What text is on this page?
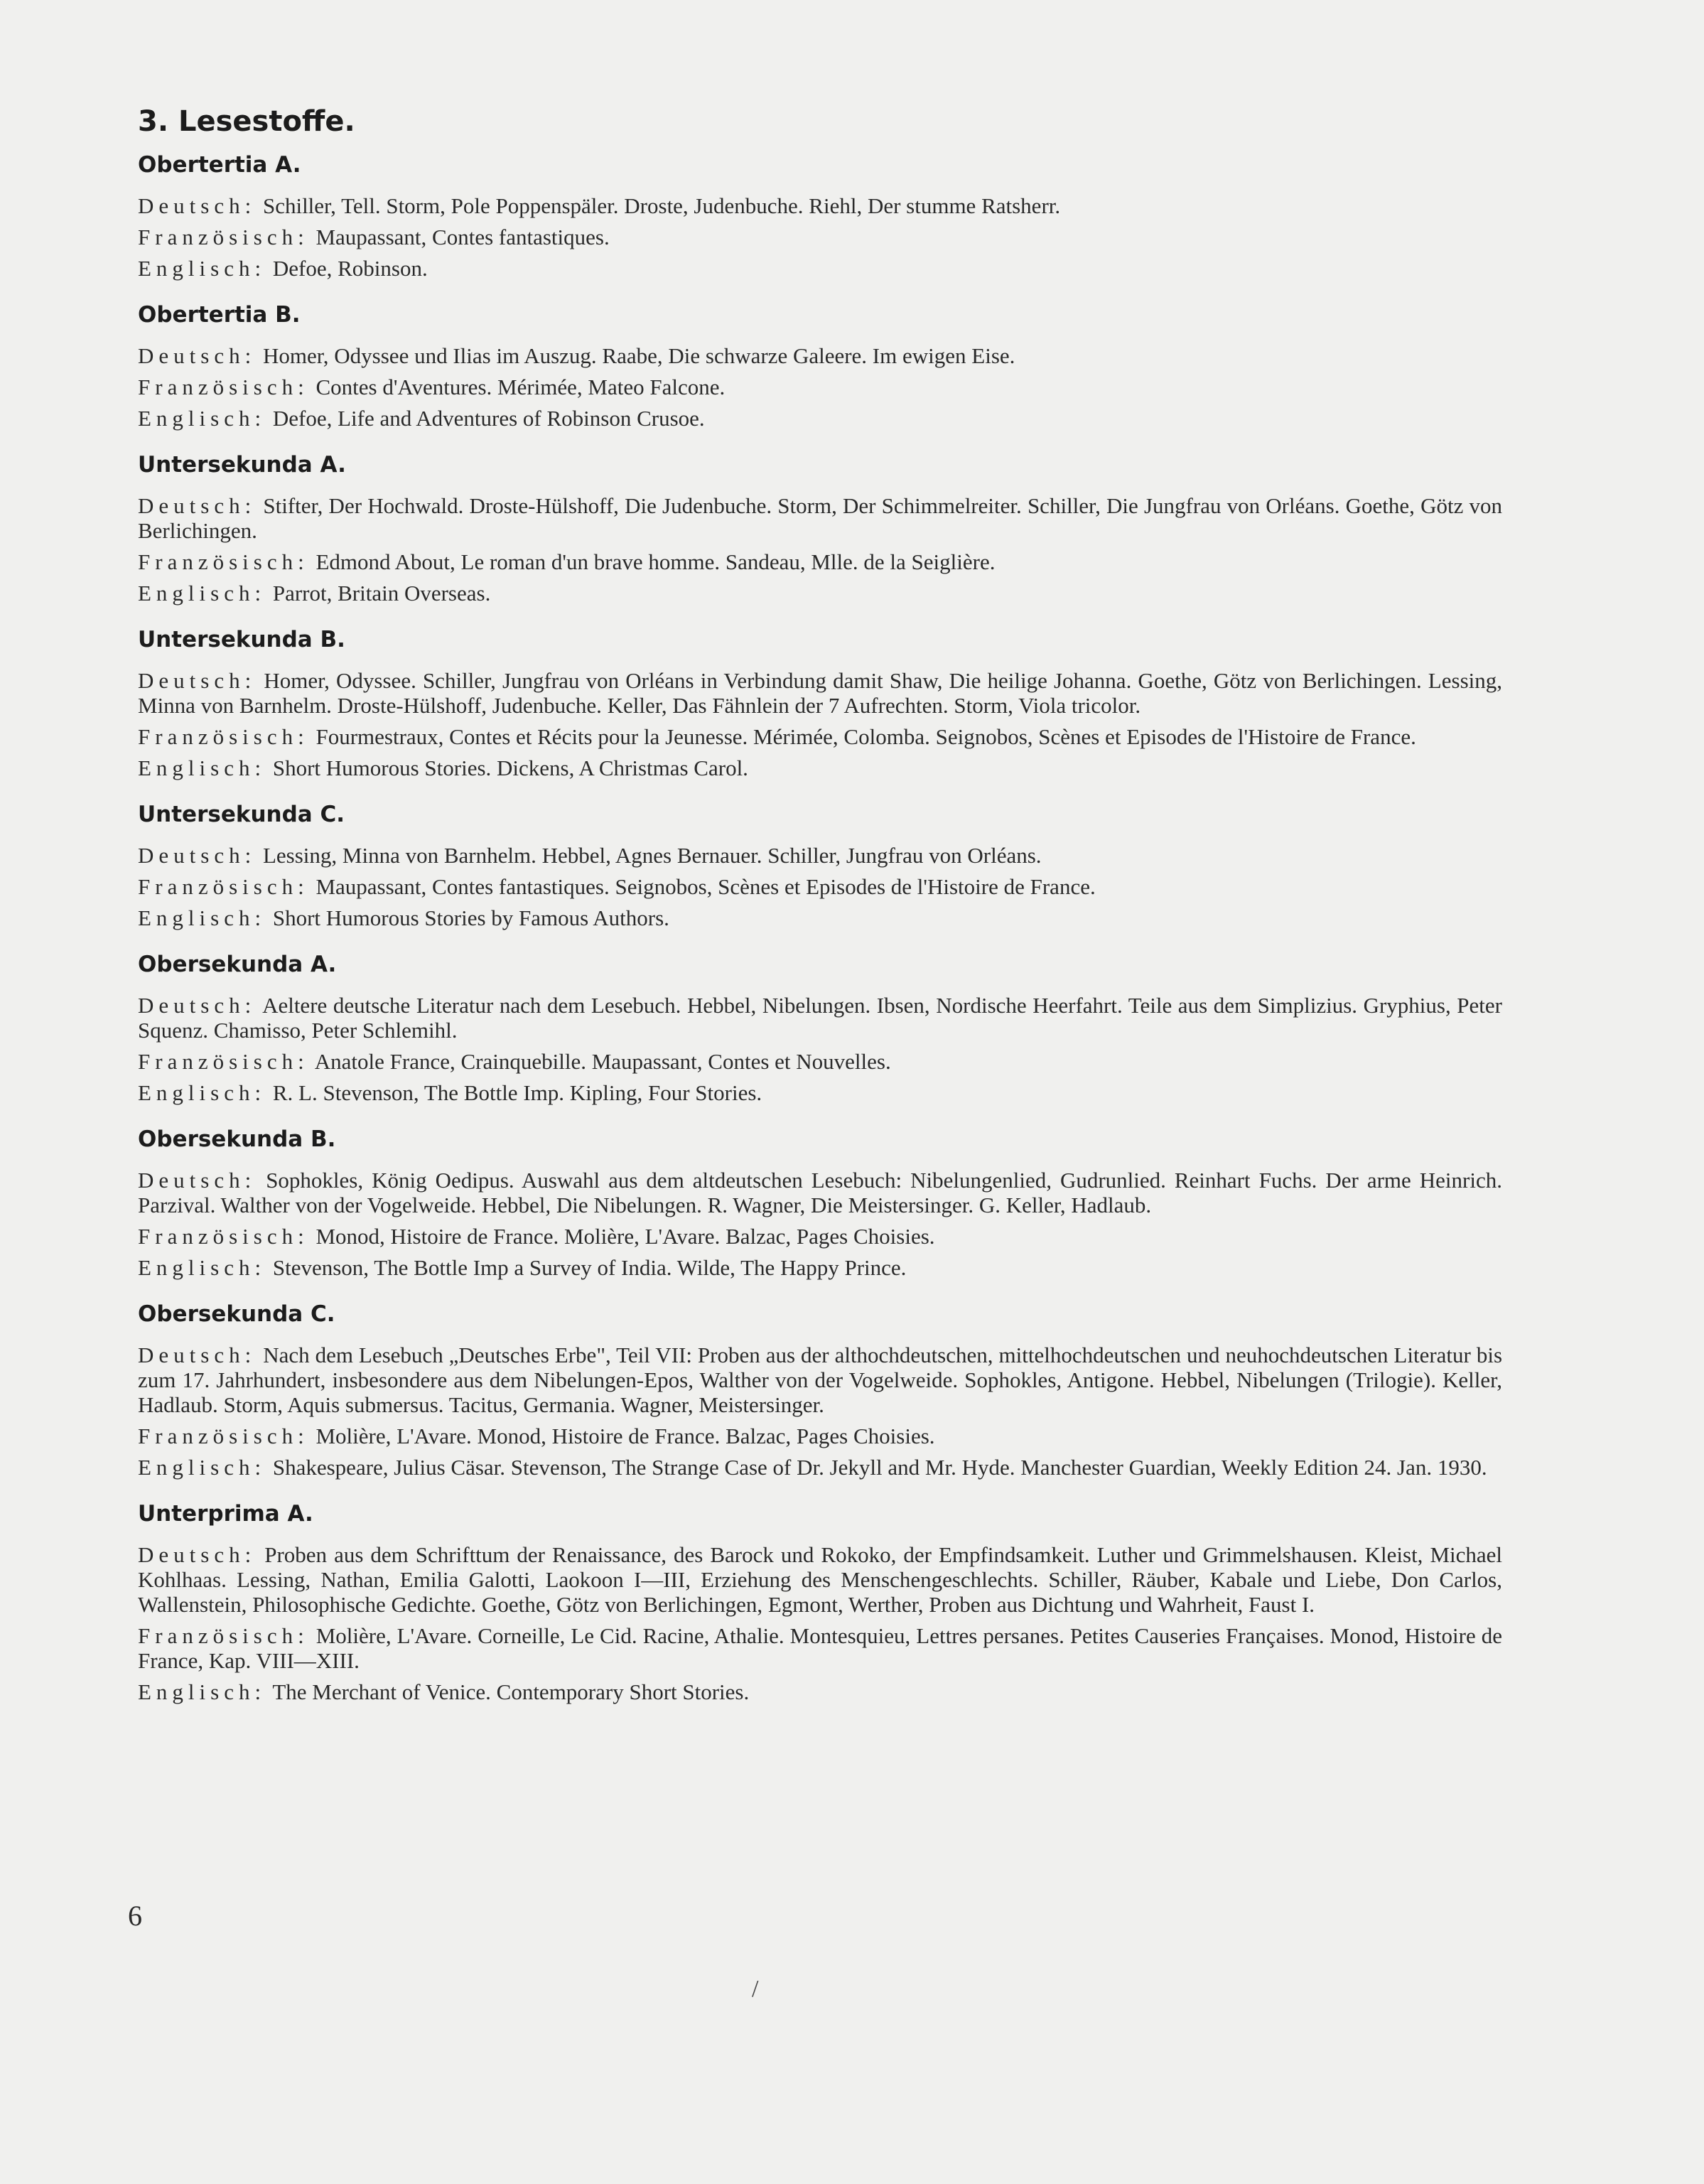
3. Lesestoffe.
Obertertia A.

Deutsch: Schiller, Tell. Storm, Pole Poppenspäler. Droste, Judenbuche. Riehl, Der stumme Ratsherr.

Französisch: Maupassant, Contes fantastiques.

Englisch: Defoe, Robinson.

Obertertia B.

Deutsch: Homer, Odyssee und Ilias im Auszug. Raabe, Die schwarze Galeere. Im ewigen Eise.

Französisch: Contes d'Aventures. Mérimée, Mateo Falcone.

Englisch: Defoe, Life and Adventures of Robinson Crusoe.

Untersekunda A.

Deutsch: Stifter, Der Hochwald. Droste-Hülshoff, Die Judenbuche. Storm, Der Schimmelreiter. Schiller, Die Jungfrau von Orléans. Goethe, Götz von Berlichingen.

Französisch: Edmond About, Le roman d'un brave homme. Sandeau, Mlle. de la Seiglière.

Englisch: Parrot, Britain Overseas.

Untersekunda B.

Deutsch: Homer, Odyssee. Schiller, Jungfrau von Orléans in Verbindung damit Shaw, Die heilige Johanna. Goethe, Götz von Berlichingen. Lessing, Minna von Barnhelm. Droste-Hülshoff, Judenbuche. Keller, Das Fähnlein der 7 Aufrechten. Storm, Viola tricolor.

Französisch: Fourmestraux, Contes et Récits pour la Jeunesse. Mérimée, Colomba. Seignobos, Scènes et Episodes de l'Histoire de France.

Englisch: Short Humorous Stories. Dickens, A Christmas Carol.

Untersekunda C.

Deutsch: Lessing, Minna von Barnhelm. Hebbel, Agnes Bernauer. Schiller, Jungfrau von Orléans.

Französisch: Maupassant, Contes fantastiques. Seignobos, Scènes et Episodes de l'Histoire de France.

Englisch: Short Humorous Stories by Famous Authors.

Obersekunda A.

Deutsch: Aeltere deutsche Literatur nach dem Lesebuch. Hebbel, Nibelungen. Ibsen, Nordische Heerfahrt. Teile aus dem Simplizius. Gryphius, Peter Squenz. Chamisso, Peter Schlemihl.

Französisch: Anatole France, Crainquebille. Maupassant, Contes et Nouvelles.

Englisch: R. L. Stevenson, The Bottle Imp. Kipling, Four Stories.

Obersekunda B.

Deutsch: Sophokles, König Oedipus. Auswahl aus dem altdeutschen Lesebuch: Nibelungenlied, Gudrunlied. Reinhart Fuchs. Der arme Heinrich. Parzival. Walther von der Vogelweide. Hebbel, Die Nibelungen. R. Wagner, Die Meistersinger. G. Keller, Hadlaub.

Französisch: Monod, Histoire de France. Molière, L'Avare. Balzac, Pages Choisies.

Englisch: Stevenson, The Bottle Imp a Survey of India. Wilde, The Happy Prince.

Obersekunda C.

Deutsch: Nach dem Lesebuch „Deutsches Erbe", Teil VII: Proben aus der althochdeutschen, mittelhochdeutschen und neuhochdeutschen Literatur bis zum 17. Jahrhundert, insbesondere aus dem Nibelungen-Epos, Walther von der Vogelweide. Sophokles, Antigone. Hebbel, Nibelungen (Trilogie). Keller, Hadlaub. Storm, Aquis submersus. Tacitus, Germania. Wagner, Meistersinger.

Französisch: Molière, L'Avare. Monod, Histoire de France. Balzac, Pages Choisies.

Englisch: Shakespeare, Julius Cäsar. Stevenson, The Strange Case of Dr. Jekyll and Mr. Hyde. Manchester Guardian, Weekly Edition 24. Jan. 1930.

Unterprima A.

Deutsch: Proben aus dem Schrifttum der Renaissance, des Barock und Rokoko, der Empfindsamkeit. Luther und Grimmelshausen. Kleist, Michael Kohlhaas. Lessing, Nathan, Emilia Galotti, Laokoon I—III, Erziehung des Menschengeschlechts. Schiller, Räuber, Kabale und Liebe, Don Carlos, Wallenstein, Philosophische Gedichte. Goethe, Götz von Berlichingen, Egmont, Werther, Proben aus Dichtung und Wahrheit, Faust I.

Französisch: Molière, L'Avare. Corneille, Le Cid. Racine, Athalie. Montesquieu, Lettres persanes. Petites Causeries Françaises. Monod, Histoire de France, Kap. VIII—XIII.

Englisch: The Merchant of Venice. Contemporary Short Stories.

6
/
